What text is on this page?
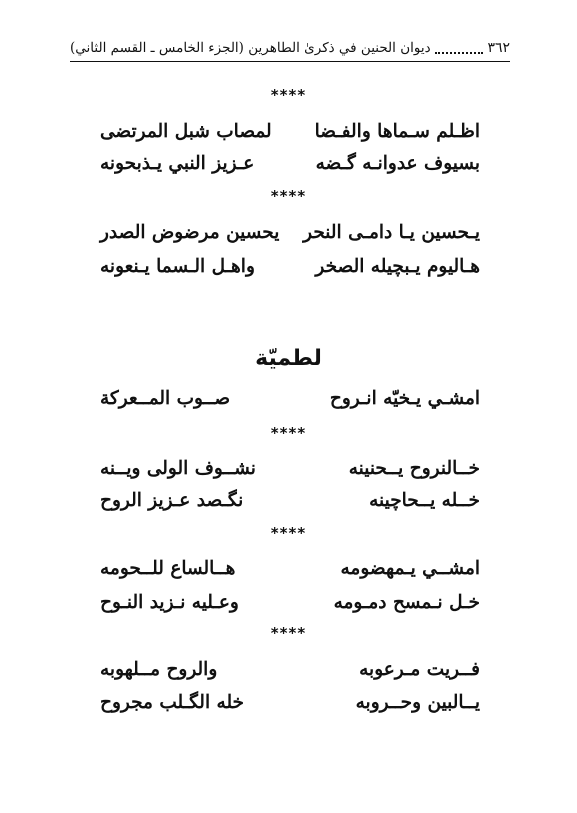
٣٦٢
ديوان الحنين في ذكرىٰ الطاهرين (الجزء الخامس ـ القسم الثاني)
****
اظـلم سـماها والفـضا
لمصاب شبل المرتضى
بسيوف عدوانـه گـضه
عـزيز النبي يـذبحونه
****
يـحسين يـا دامـى النحر
يحسين مرضوض الصدر
هـاليوم يـبچيله الصخر
واهـل الـسما يـنعونه
لطميّة
امشـي يـخيّه انـروح
صــوب المــعركة
****
خــالنروح يــحنينه
نشــوف الولى ويــنه
خــله يــحاچينه
نگـصد عـزيز الروح
****
امشــي يـمهضومه
هــالساع للــحومه
خـل نـمسح دمـومه
وعـليه نـزيد النـوح
****
فــريت مـرعوبه
والروح مــلهوبه
يــالبين وحــروبه
خله الگـلب مجروح
